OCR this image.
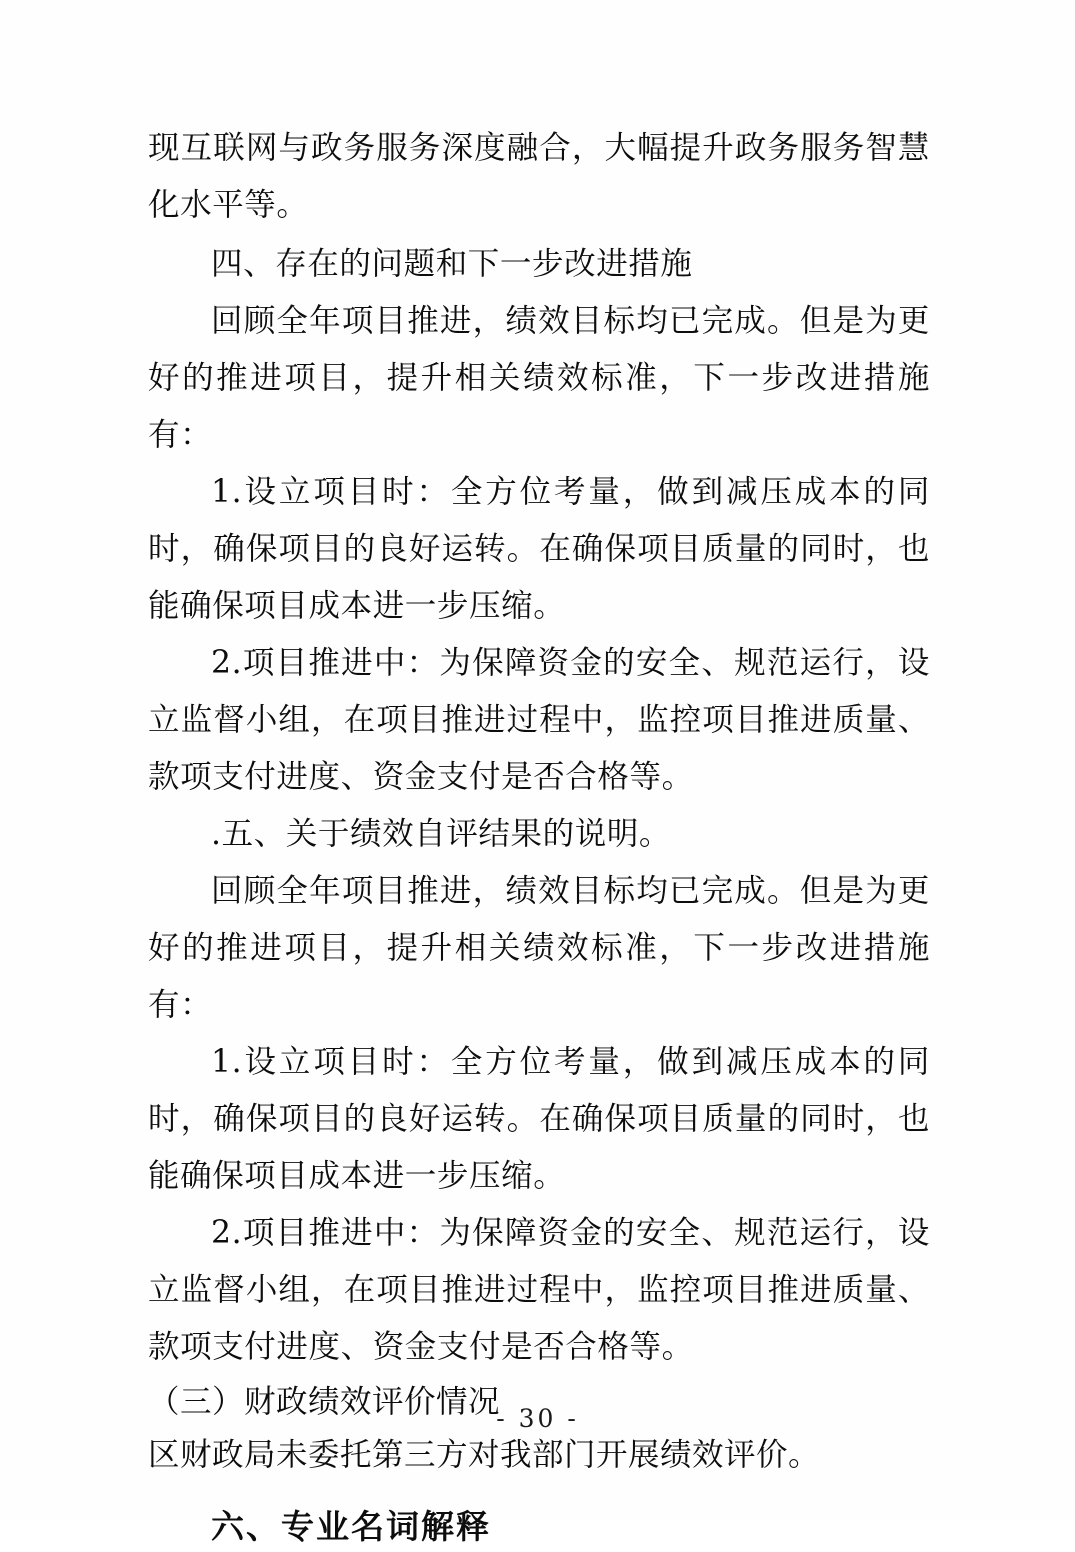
现互联网与政务服务深度融合，大幅提升政务服务智慧化水平等。

四、存在的问题和下一步改进措施

回顾全年项目推进，绩效目标均已完成。但是为更好的推进项目，提升相关绩效标准，下一步改进措施有：

1.设立项目时：全方位考量，做到减压成本的同时，确保项目的良好运转。在确保项目质量的同时，也能确保项目成本进一步压缩。

2.项目推进中：为保障资金的安全、规范运行，设立监督小组，在项目推进过程中，监控项目推进质量、款项支付进度、资金支付是否合格等。

.五、关于绩效自评结果的说明。

回顾全年项目推进，绩效目标均已完成。但是为更好的推进项目，提升相关绩效标准，下一步改进措施有：

1.设立项目时：全方位考量，做到减压成本的同时，确保项目的良好运转。在确保项目质量的同时，也能确保项目成本进一步压缩。

2.项目推进中：为保障资金的安全、规范运行，设立监督小组，在项目推进过程中，监控项目推进质量、款项支付进度、资金支付是否合格等。

（三）财政绩效评价情况

区财政局未委托第三方对我部门开展绩效评价。

六、专业名词解释

- 30 -
